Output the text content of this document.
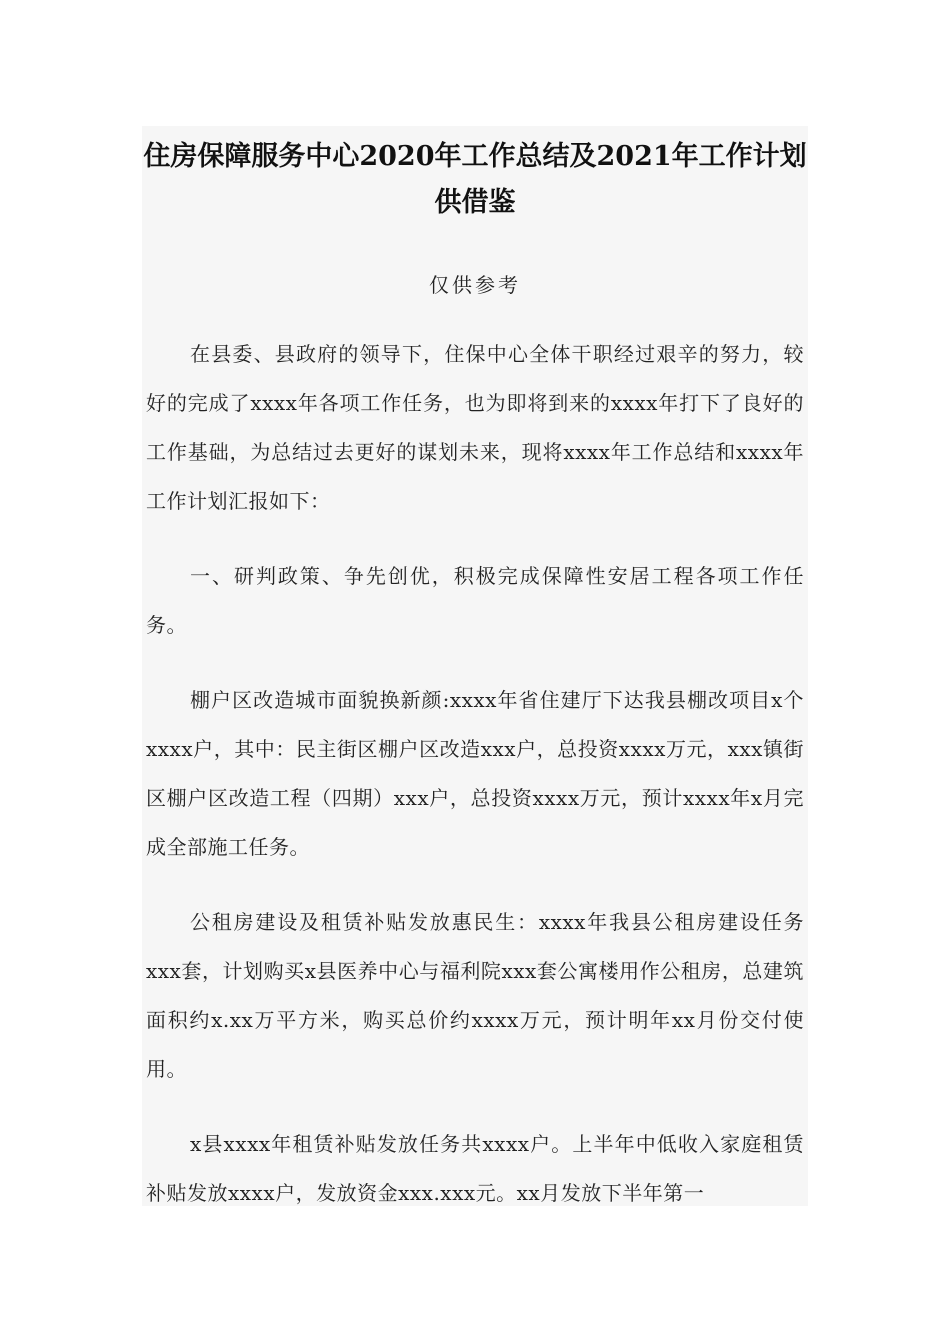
住房保障服务中心2020年工作总结及2021年工作计划供借鉴

仅供参考

在县委、县政府的领导下，住保中心全体干职经过艰辛的努力，较好的完成了xxxx年各项工作任务，也为即将到来的xxxx年打下了良好的工作基础，为总结过去更好的谋划未来，现将xxxx年工作总结和xxxx年工作计划汇报如下：

一、研判政策、争先创优，积极完成保障性安居工程各项工作任务。

棚户区改造城市面貌换新颜:xxxx年省住建厅下达我县棚改项目x个xxxx户，其中：民主街区棚户区改造xxx户，总投资xxxx万元，xxx镇街区棚户区改造工程（四期）xxx户，总投资xxxx万元，预计xxxx年x月完成全部施工任务。

公租房建设及租赁补贴发放惠民生：xxxx年我县公租房建设任务xxx套，计划购买x县医养中心与福利院xxx套公寓楼用作公租房，总建筑面积约x.xx万平方米，购买总价约xxxx万元，预计明年xx月份交付使用。

x县xxxx年租赁补贴发放任务共xxxx户。上半年中低收入家庭租赁补贴发放xxxx户，发放资金xxx.xxx元。xx月发放下半年第一
